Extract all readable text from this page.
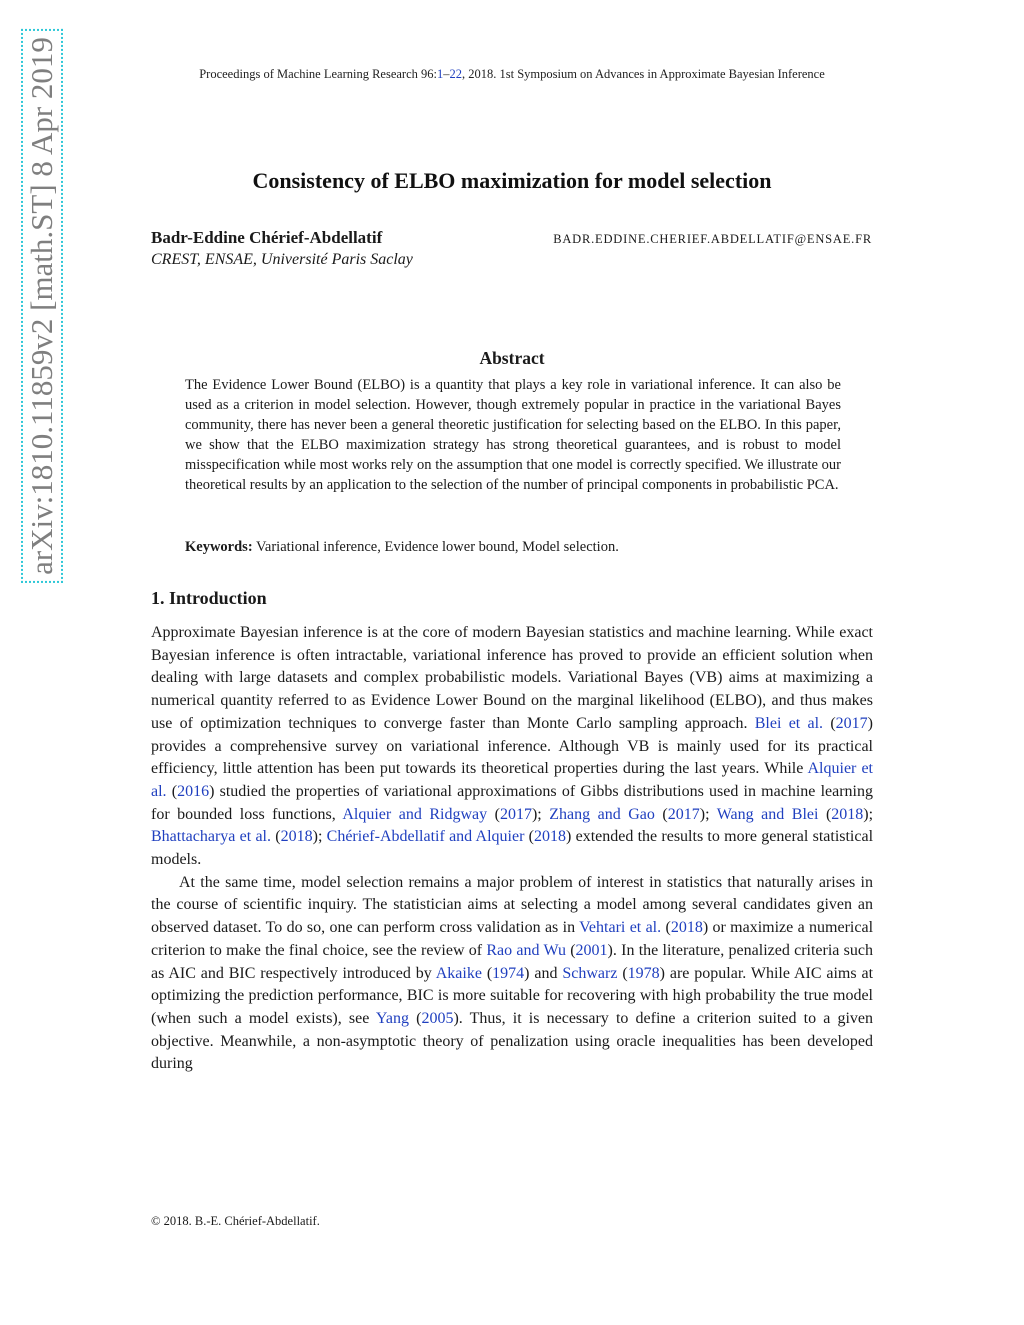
Proceedings of Machine Learning Research 96:1–22, 2018. 1st Symposium on Advances in Approximate Bayesian Inference
arXiv:1810.11859v2 [math.ST] 8 Apr 2019	Consistency of ELBO maximization for model selection
Badr-Eddine Chérief-Abdellatif	BADR.EDDINE.CHERIEF.ABDELLATIF@ENSAE.FR
CREST, ENSAE, Université Paris Saclay
Abstract
The Evidence Lower Bound (ELBO) is a quantity that plays a key role in variational inference. It can also be used as a criterion in model selection. However, though extremely popular in practice in the variational Bayes community, there has never been a general theoretic justification for selecting based on the ELBO. In this paper, we show that the ELBO maximization strategy has strong theoretical guarantees, and is robust to model misspecification while most works rely on the assumption that one model is correctly specified. We illustrate our theoretical results by an application to the selection of the number of principal components in probabilistic PCA.
Keywords: Variational inference, Evidence lower bound, Model selection.
1. Introduction

Approximate Bayesian inference is at the core of modern Bayesian statistics and machine learning. While exact Bayesian inference is often intractable, variational inference has proved to provide an efficient solution when dealing with large datasets and complex probabilistic models. Variational Bayes (VB) aims at maximizing a numerical quantity referred to as Evidence Lower Bound on the marginal likelihood (ELBO), and thus makes use of optimization techniques to converge faster than Monte Carlo sampling approach. Blei et al. (2017) provides a comprehensive survey on variational inference. Although VB is mainly used for its practical efficiency, little attention has been put towards its theoretical properties during the last years. While Alquier et al. (2016) studied the properties of variational approximations of Gibbs distributions used in machine learning for bounded loss functions, Alquier and Ridgway (2017); Zhang and Gao (2017); Wang and Blei (2018); Bhattacharya et al. (2018); Chérief-Abdellatif and Alquier (2018) extended the results to more general statistical models.

At the same time, model selection remains a major problem of interest in statistics that naturally arises in the course of scientific inquiry. The statistician aims at selecting a model among several candidates given an observed dataset. To do so, one can perform cross validation as in Vehtari et al. (2018) or maximize a numerical criterion to make the final choice, see the review of Rao and Wu (2001). In the literature, penalized criteria such as AIC and BIC respectively introduced by Akaike (1974) and Schwarz (1978) are popular. While AIC aims at optimizing the prediction performance, BIC is more suitable for recovering with high probability the true model (when such a model exists), see Yang (2005). Thus, it is necessary to define a criterion suited to a given objective. Meanwhile, a non-asymptotic theory of penalization using oracle inequalities has been developed during

© 2018. B.-E. Chérief-Abdellatif.
